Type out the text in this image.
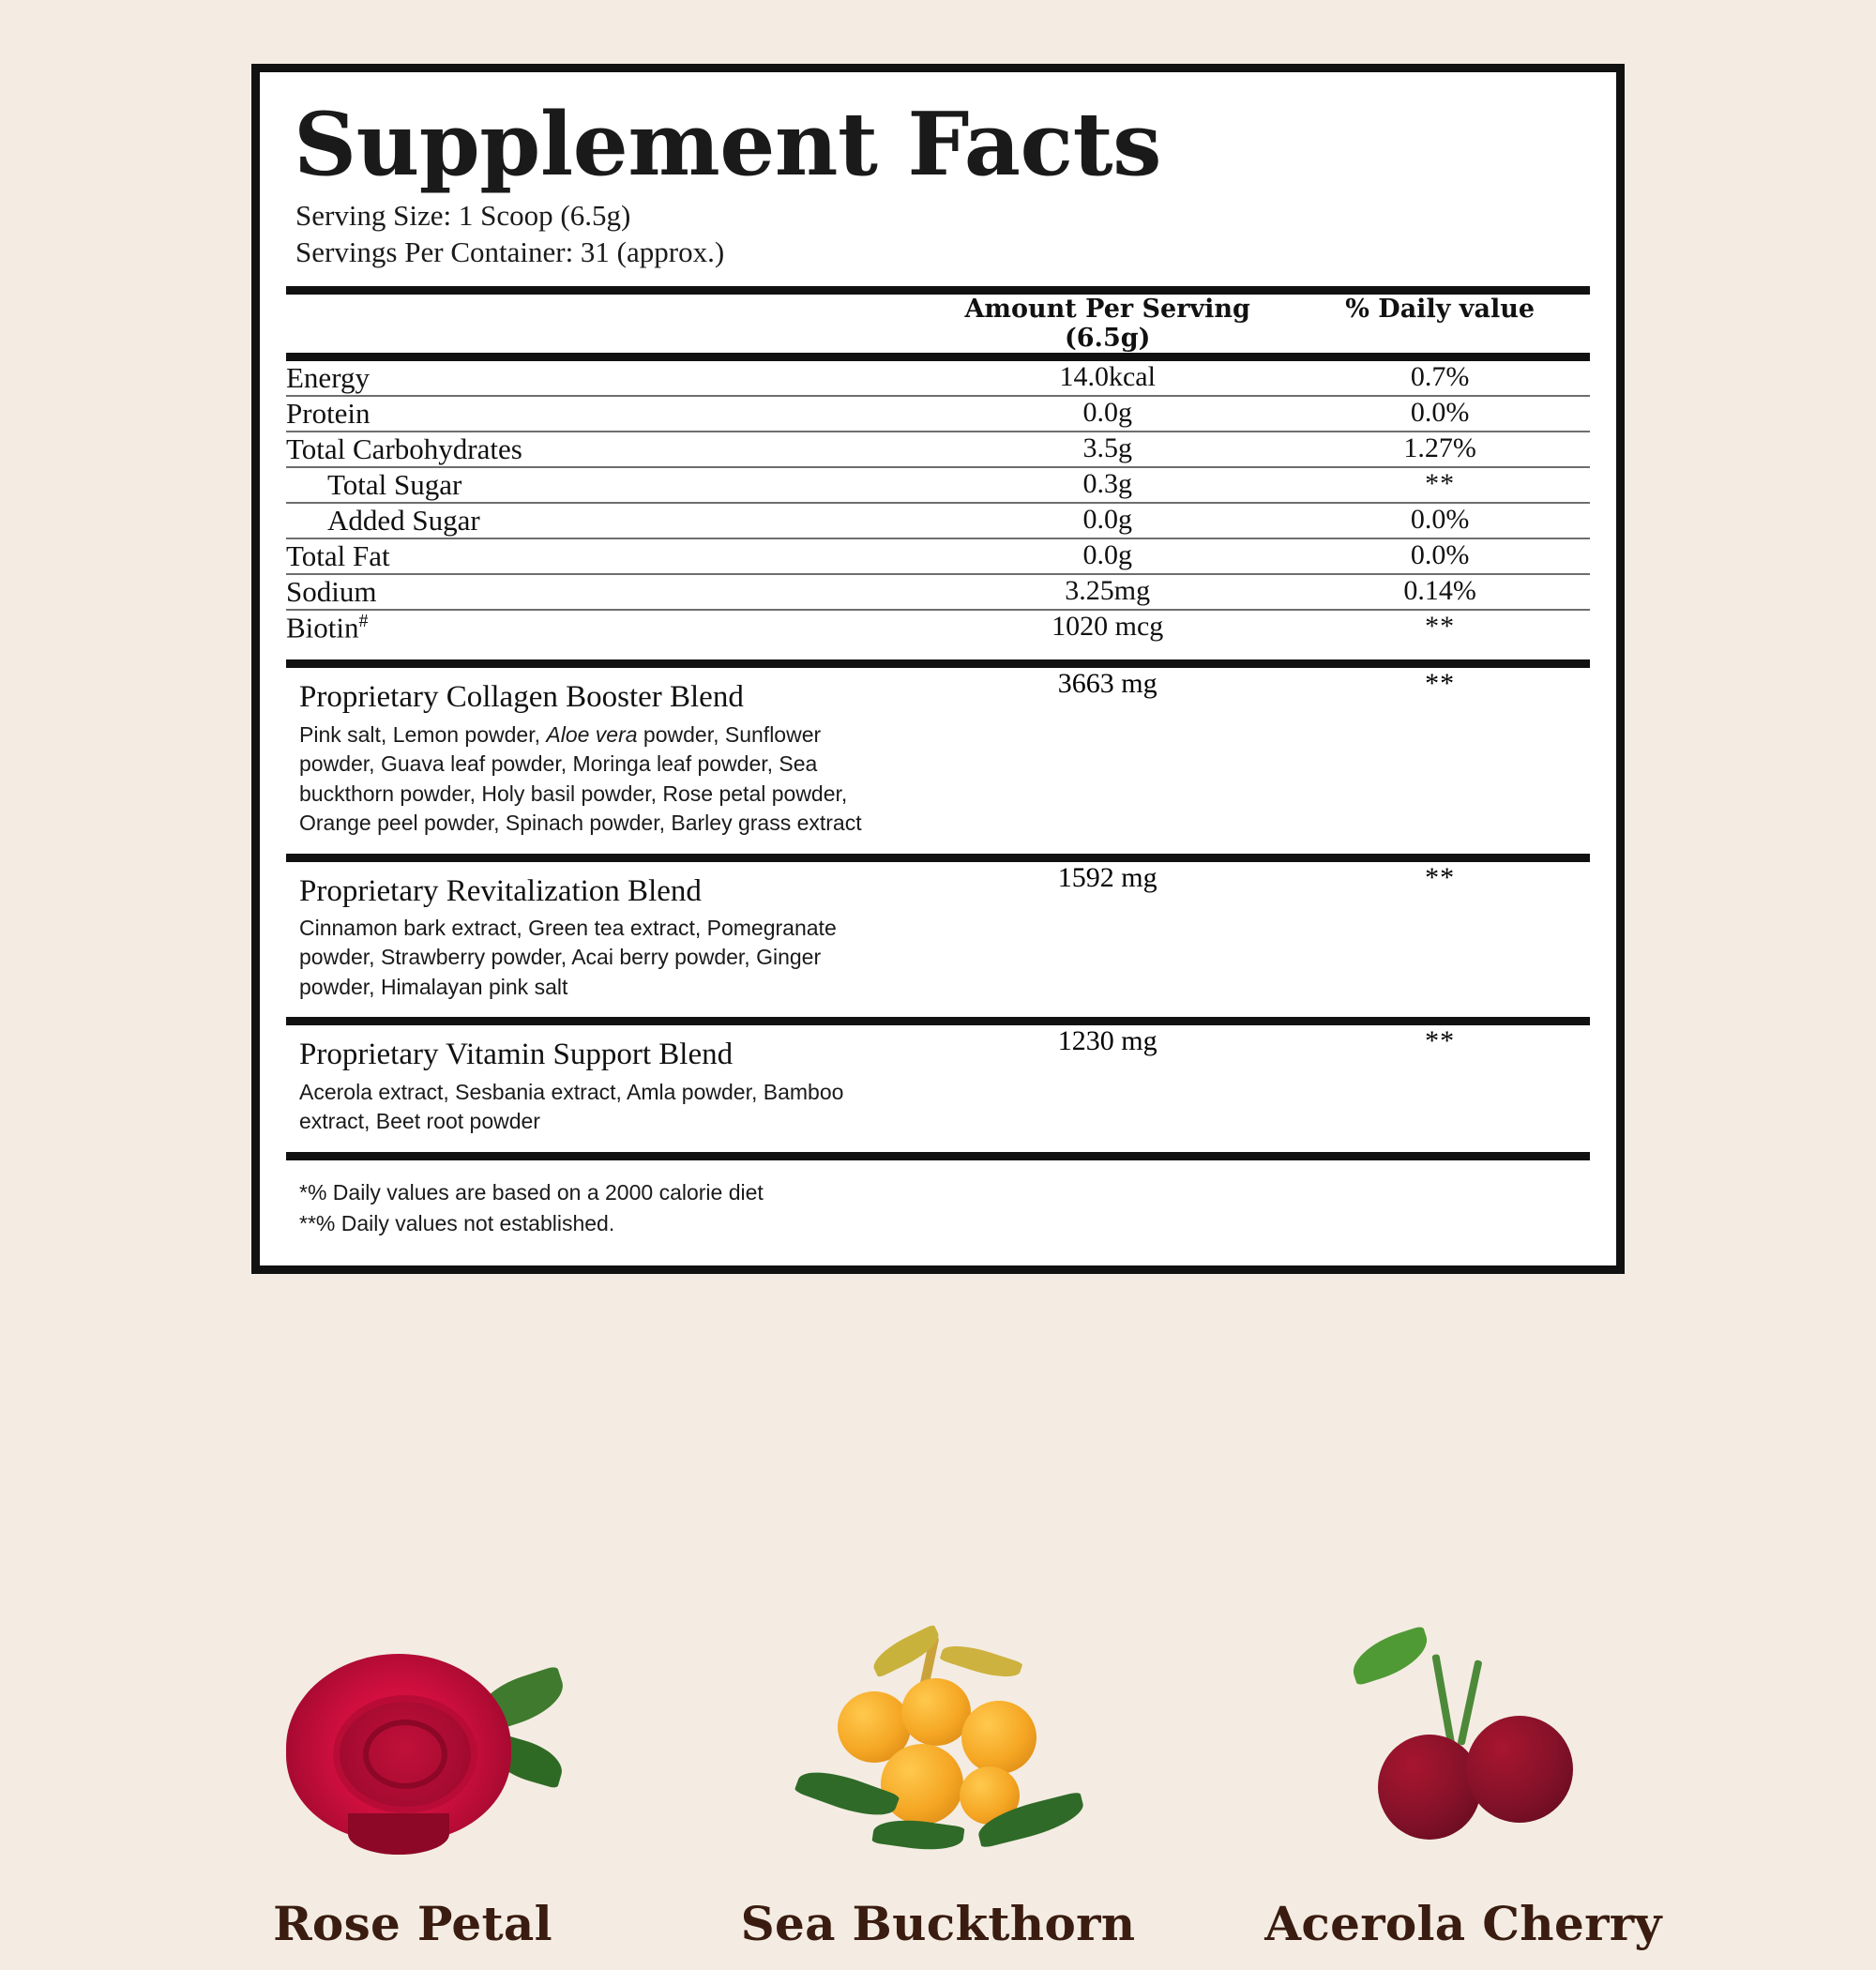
Supplement Facts
Serving Size: 1 Scoop (6.5g)
Servings Per Container: 31 (approx.)
	Amount Per Serving (6.5g)	% Daily value
Energy	14.0kcal	0.7%
Protein	0.0g	0.0%
Total Carbohydrates	3.5g	1.27%
Total Sugar	0.3g	**
Added Sugar	0.0g	0.0%
Total Fat	0.0g	0.0%
Sodium	3.25mg	0.14%
Biotin#	1020 mcg	**
Proprietary Collagen Booster Blend
Pink salt, Lemon powder, Aloe vera powder, Sunflower powder, Guava leaf powder, Moringa leaf powder, Sea buckthorn powder, Holy basil powder, Rose petal powder, Orange peel powder, Spinach powder, Barley grass extract
	3663 mg	**
Proprietary Revitalization Blend
Cinnamon bark extract, Green tea extract, Pomegranate powder, Strawberry powder, Acai berry powder, Ginger powder, Himalayan pink salt
	1592 mg	**
Proprietary Vitamin Support Blend
Acerola extract, Sesbania extract, Amla powder, Bamboo extract, Beet root powder
	1230 mg	**
*% Daily values are based on a 2000 calorie diet
**% Daily values not established.
Rose Petal	Sea Buckthorn	Acerola Cherry
